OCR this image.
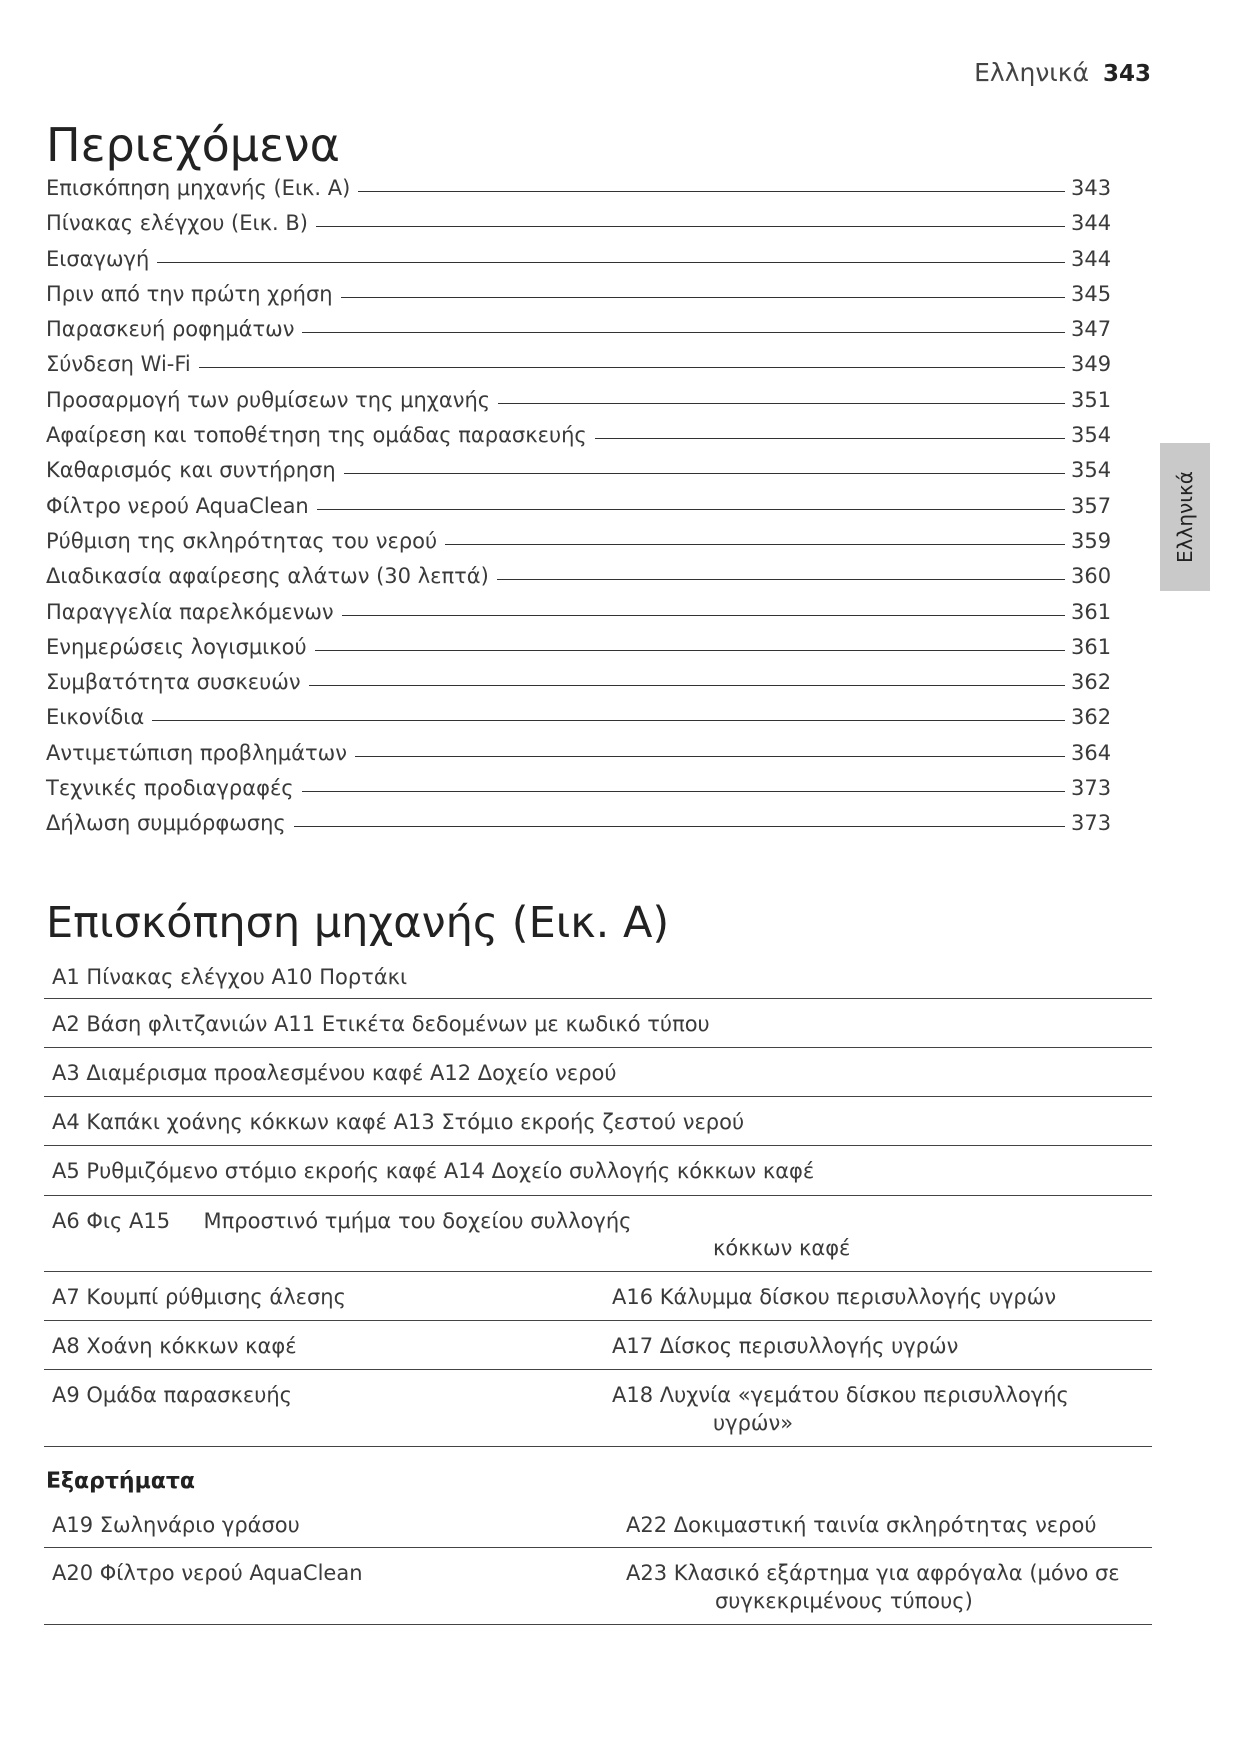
Ελληνικά 343
Ελληνικά
Περιεχόμενα
Επισκόπηση μηχανής (Εικ. A)	343
Πίνακας ελέγχου (Εικ. B)	344
Εισαγωγή	344
Πριν από την πρώτη χρήση	345
Παρασκευή ροφημάτων	347
Σύνδεση Wi-Fi	349
Προσαρμογή των ρυθμίσεων της μηχανής	351
Αφαίρεση και τοποθέτηση της ομάδας παρασκευής	354
Καθαρισμός και συντήρηση	354
Φίλτρο νερού AquaClean	357
Ρύθμιση της σκληρότητας του νερού	359
Διαδικασία αφαίρεσης αλάτων (30 λεπτά)	360
Παραγγελία παρελκόμενων	361
Ενημερώσεις λογισμικού	361
Συμβατότητα συσκευών	362
Εικονίδια	362
Αντιμετώπιση προβλημάτων	364
Τεχνικές προδιαγραφές	373
Δήλωση συμμόρφωσης	373
Επισκόπηση μηχανής (Εικ. A)
A1 Πίνακας ελέγχου A10 Πορτάκι
A2 Βάση φλιτζανιών A11 Ετικέτα δεδομένων με κωδικό τύπου
A3 Διαμέρισμα προαλεσμένου καφέ A12 Δοχείο νερού
A4 Καπάκι χοάνης κόκκων καφέ A13 Στόμιο εκροής ζεστού νερού
A5 Ρυθμιζόμενο στόμιο εκροής καφέ A14 Δοχείο συλλογής κόκκων καφέ
A6 Φις A15     Μπροστινό τμήμα του δοχείου συλλογής
κόκκων καφέ
A7 Κουμπί ρύθμισης άλεσης	A16 Κάλυμμα δίσκου περισυλλογής υγρών
A8 Χοάνη κόκκων καφέ	A17 Δίσκος περισυλλογής υγρών
A9 Ομάδα παρασκευής	A18 Λυχνία «γεμάτου δίσκου περισυλλογής
υγρών»
Εξαρτήματα
A19 Σωληνάριο γράσου	A22 Δοκιμαστική ταινία σκληρότητας νερού
A20 Φίλτρο νερού AquaClean	A23 Κλασικό εξάρτημα για αφρόγαλα (μόνο σε
συγκεκριμένους τύπους)
